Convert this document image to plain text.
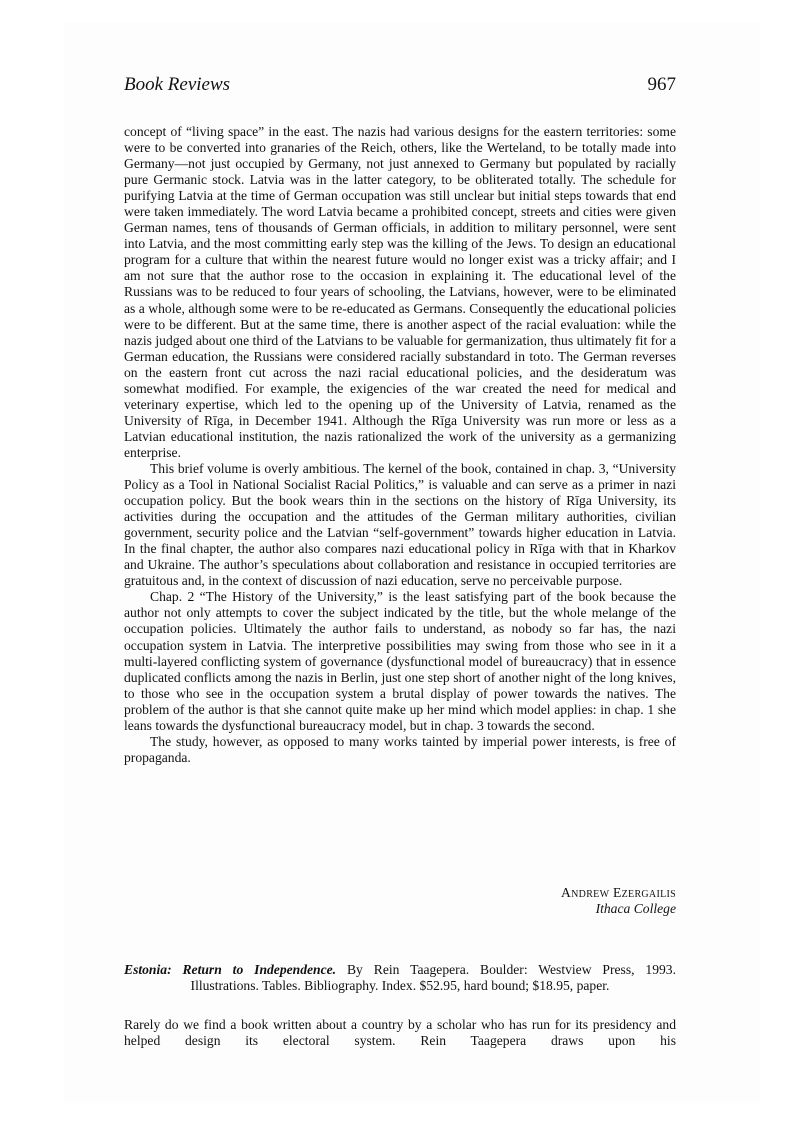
Book Reviews	967

concept of “living space” in the east. The nazis had various designs for the eastern territories: some were to be converted into granaries of the Reich, others, like the Werteland, to be totally made into Germany—not just occupied by Germany, not just annexed to Germany but populated by racially pure Germanic stock. Latvia was in the latter category, to be obliterated totally. The schedule for purifying Latvia at the time of German occupation was still unclear but initial steps towards that end were taken immediately. The word Latvia became a prohibited concept, streets and cities were given German names, tens of thousands of German officials, in addition to military personnel, were sent into Latvia, and the most committing early step was the killing of the Jews. To design an educational program for a culture that within the nearest future would no longer exist was a tricky affair; and I am not sure that the author rose to the occasion in explaining it. The educational level of the Russians was to be reduced to four years of schooling, the Latvians, however, were to be eliminated as a whole, although some were to be re-educated as Germans. Consequently the educational policies were to be different. But at the same time, there is another aspect of the racial evaluation: while the nazis judged about one third of the Latvians to be valuable for germanization, thus ultimately fit for a German education, the Russians were considered racially substandard in toto. The German reverses on the eastern front cut across the nazi racial educational policies, and the desideratum was somewhat modified. For example, the exigencies of the war created the need for medical and veterinary expertise, which led to the opening up of the University of Latvia, renamed as the University of Rīga, in December 1941. Although the Rīga University was run more or less as a Latvian educational institution, the nazis rationalized the work of the university as a germanizing enterprise.

This brief volume is overly ambitious. The kernel of the book, contained in chap. 3, “University Policy as a Tool in National Socialist Racial Politics,” is valuable and can serve as a primer in nazi occupation policy. But the book wears thin in the sections on the history of Rīga University, its activities during the occupation and the attitudes of the German military authorities, civilian government, security police and the Latvian “self-government” towards higher education in Latvia. In the final chapter, the author also compares nazi educational policy in Rīga with that in Kharkov and Ukraine. The author’s speculations about collaboration and resistance in occupied territories are gratuitous and, in the context of discussion of nazi education, serve no perceivable purpose.

Chap. 2 “The History of the University,” is the least satisfying part of the book because the author not only attempts to cover the subject indicated by the title, but the whole melange of the occupation policies. Ultimately the author fails to understand, as nobody so far has, the nazi occupation system in Latvia. The interpretive possibilities may swing from those who see in it a multi-layered conflicting system of governance (dysfunctional model of bureaucracy) that in essence duplicated conflicts among the nazis in Berlin, just one step short of another night of the long knives, to those who see in the occupation system a brutal display of power towards the natives. The problem of the author is that she cannot quite make up her mind which model applies: in chap. 1 she leans towards the dysfunctional bureaucracy model, but in chap. 3 towards the second.

The study, however, as opposed to many works tainted by imperial power interests, is free of propaganda.

Andrew Ezergailis
Ithaca College
Estonia: Return to Independence. By Rein Taagepera. Boulder: Westview Press, 1993.
Illustrations. Tables. Bibliography. Index. $52.95, hard bound; $18.95, paper.

Rarely do we find a book written about a country by a scholar who has run for its presidency and helped design its electoral system. Rein Taagepera draws upon his
